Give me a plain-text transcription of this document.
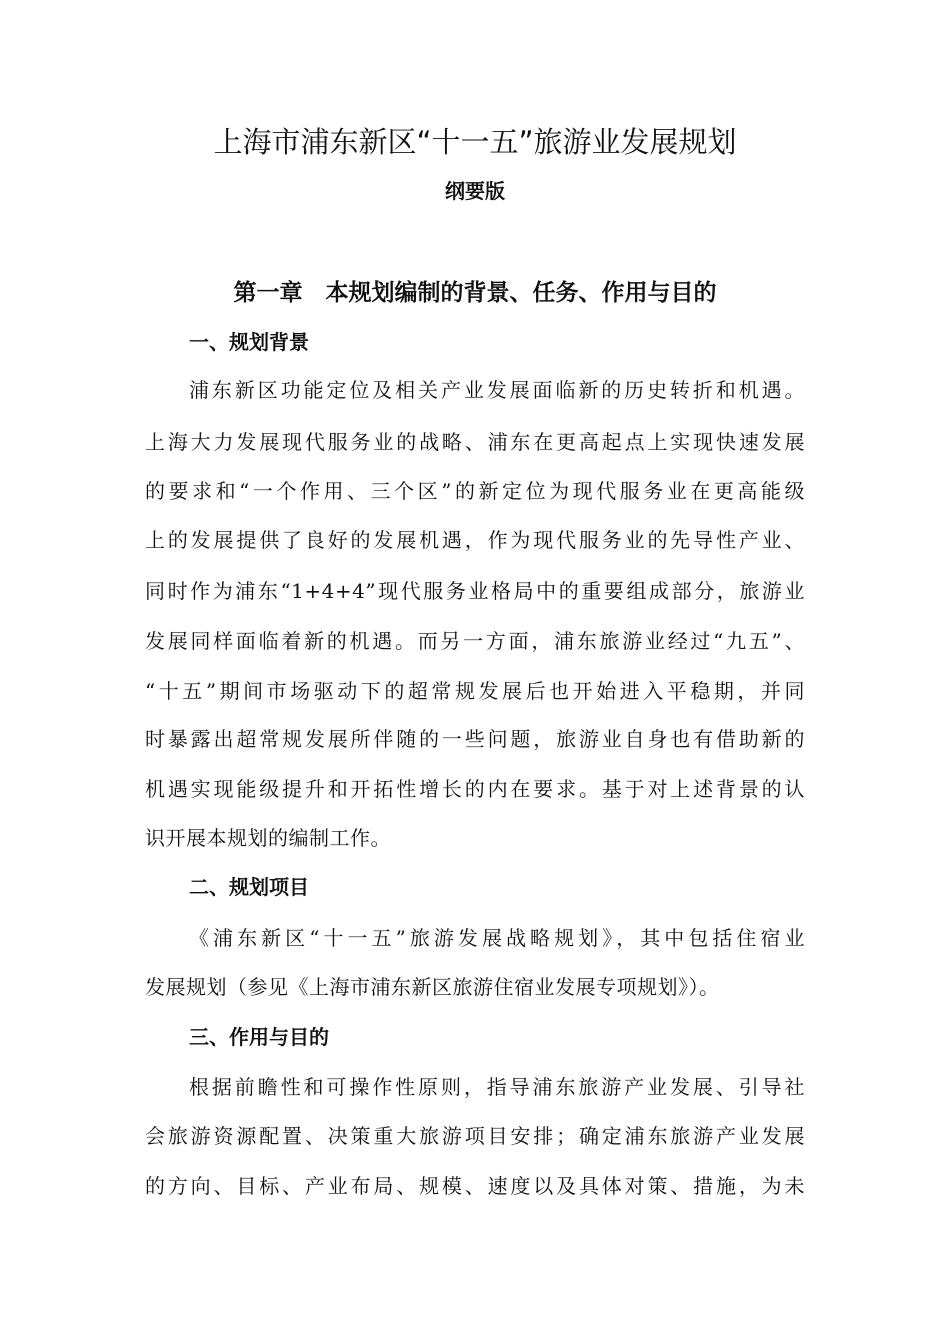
上海市浦东新区“十一五”旅游业发展规划
纲要版
第一章　本规划编制的背景、任务、作用与目的
一、规划背景
浦东新区功能定位及相关产业发展面临新的历史转折和机遇。
上海大力发展现代服务业的战略、浦东在更高起点上实现快速发展
的要求和“一个作用、三个区”的新定位为现代服务业在更高能级
上的发展提供了良好的发展机遇，作为现代服务业的先导性产业、
同时作为浦东“1+4+4”现代服务业格局中的重要组成部分，旅游业
发展同样面临着新的机遇。而另一方面，浦东旅游业经过“九五”、
“十五”期间市场驱动下的超常规发展后也开始进入平稳期，并同
时暴露出超常规发展所伴随的一些问题，旅游业自身也有借助新的
机遇实现能级提升和开拓性增长的内在要求。基于对上述背景的认
识开展本规划的编制工作。
二、规划项目
《浦东新区“十一五”旅游发展战略规划》，其中包括住宿业
发展规划（参见《上海市浦东新区旅游住宿业发展专项规划》）。
三、作用与目的
根据前瞻性和可操作性原则，指导浦东旅游产业发展、引导社
会旅游资源配置、决策重大旅游项目安排；确定浦东旅游产业发展
的方向、目标、产业布局、规模、速度以及具体对策、措施，为未
